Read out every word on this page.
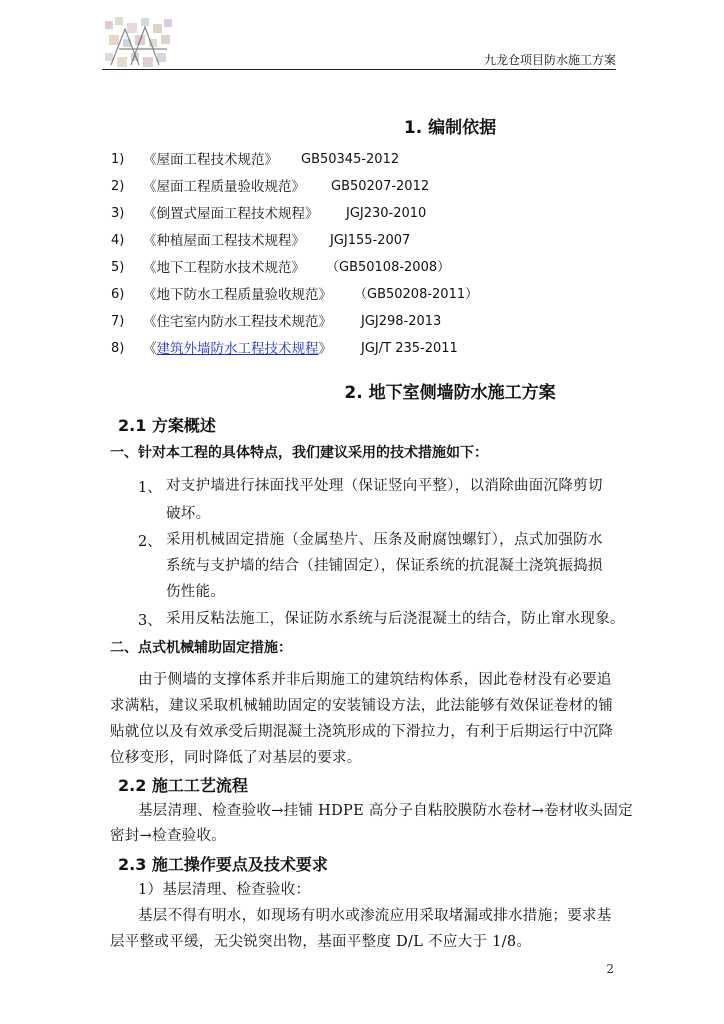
九龙仓项目防水施工方案
1. 编制依据
1) 《屋面工程技术规范》 GB50345-2012
2) 《屋面工程质量验收规范》 GB50207-2012
3) 《倒置式屋面工程技术规程》 JGJ230-2010
4) 《种植屋面工程技术规程》 JGJ155-2007
5) 《地下工程防水技术规范》 （GB50108-2008）
6) 《地下防水工程质量验收规范》 （GB50208-2011）
7) 《住宅室内防水工程技术规范》 JGJ298-2013
8) 《建筑外墙防水工程技术规程》 JGJ/T 235-2011
2. 地下室侧墙防水施工方案
2.1 方案概述
一、针对本工程的具体特点，我们建议采用的技术措施如下：
1、 对支护墙进行抹面找平处理（保证竖向平整），以消除曲面沉降剪切
破坏。
2、 采用机械固定措施（金属垫片、压条及耐腐蚀螺钉），点式加强防水
系统与支护墙的结合（挂铺固定），保证系统的抗混凝土浇筑振捣损
伤性能。
3、 采用反粘法施工，保证防水系统与后浇混凝土的结合，防止窜水现象。
二、点式机械辅助固定措施：
由于侧墙的支撑体系并非后期施工的建筑结构体系，因此卷材没有必要追
求满粘，建议采取机械辅助固定的安装铺设方法，此法能够有效保证卷材的铺
贴就位以及有效承受后期混凝土浇筑形成的下滑拉力，有利于后期运行中沉降
位移变形，同时降低了对基层的要求。
2.2 施工工艺流程
基层清理、检查验收→挂铺 HDPE 高分子自粘胶膜防水卷材→卷材收头固定
密封→检查验收。
2.3 施工操作要点及技术要求
1）基层清理、检查验收：
基层不得有明水，如现场有明水或渗流应用采取堵漏或排水措施；要求基
层平整或平缓，无尖锐突出物，基面平整度 D/L 不应大于 1/8。
2
